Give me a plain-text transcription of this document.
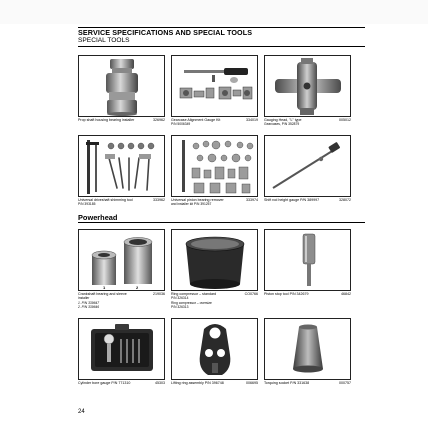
SERVICE SPECIFICATIONS AND SPECIAL TOOLS
SPECIAL TOOLS
Prop shaft housing bearing installer	326962 Gearcase Alignment Gauge Kit	334019

P/N 5006349
Gauging Head, "L" type	005012

Gearcases, P/N 352879
Universal driveshaft shimming tool	333962

P/N 393185
Universal pinion bearing remover	333974

and installer kit P/N 391257
Shift rod height gauge P/N 389997	328072
Powerhead
1	2
Crankshaft bearing and sleeve	219036

installer
1. P/N 339647
2. P/N 339646
Ring compressor – standard	CO0766

P/N 326314
Ring compressor – oversize
P/N 326313
Piston stop tool P/N 342679	46842
Cylinder bore gauge P/N 771310	45303 Lifting ring assembly P/N 396748	006695 Torquing socket P/N 331638	000757
24
